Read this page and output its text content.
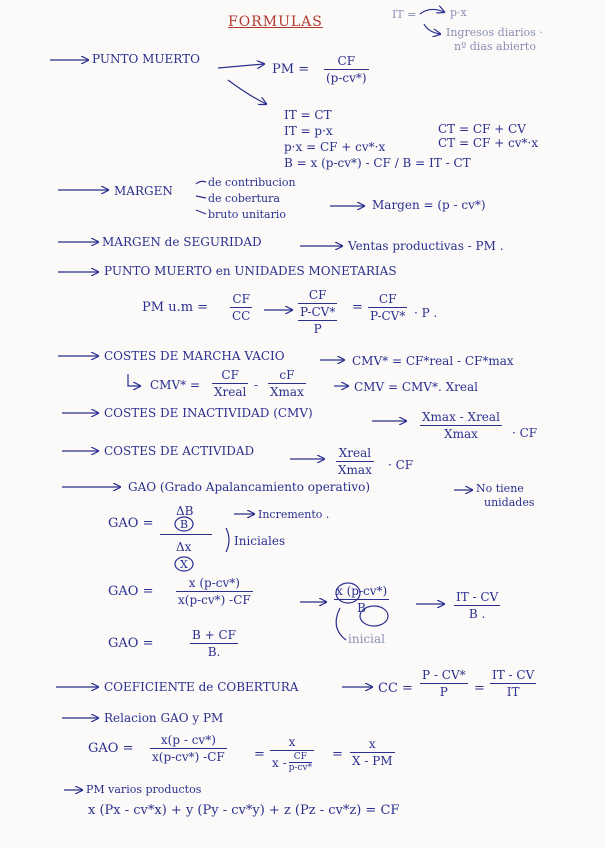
FORMULAS	IT =	p·x
Ingresos diarios ·
nº dias abierto
PUNTO MUERTO
PM =
CF
(p-cv*)
IT = CT
IT = p·x
p·x = CF + cv*·x
B = x (p-cv*) - CF / B = IT - CT
CT = CF + CV
CT = CF + cv*·x
MARGEN
de contribucion
de cobertura
bruto unitario
Margen = (p - cv*)
MARGEN de SEGURIDAD	Ventas productivas - PM .
PUNTO MUERTO en UNIDADES MONETARIAS
PM u.m =
CF
CC
CF
P-CV*
P
=
CF
P-CV* · P .
COSTES DE MARCHA VACIO	CMV* = CF*real - CF*max
CMV* =
CF
Xreal -
cF
Xmax	CMV = CMV*. Xreal
COSTES DE INACTIVIDAD (CMV)	Xmax - Xreal
Xmax	· CF
COSTES DE ACTIVIDAD	Xreal
Xmax · CF
GAO (Grado Apalancamiento operativo)	No tiene
unidades
GAO =
ΔB
B
Δx
X
Incremento .
Iniciales
GAO =
x (p-cv*)
x(p-cv*) -CF
x (p-cv*)
B
inicial
IT - CV
B .
GAO =
B + CF
B.
COEFICIENTE de COBERTURA	CC =
P - CV*
P =
IT - CV
IT
Relacion GAO y PM
GAO =
x(p - cv*)
x(p-cv*) -CF =
x
x - CF
p-cv*
=
x
X - PM
PM varios productos
x (Px - cv*x) + y (Py - cv*y) + z (Pz - cv*z) = CF
